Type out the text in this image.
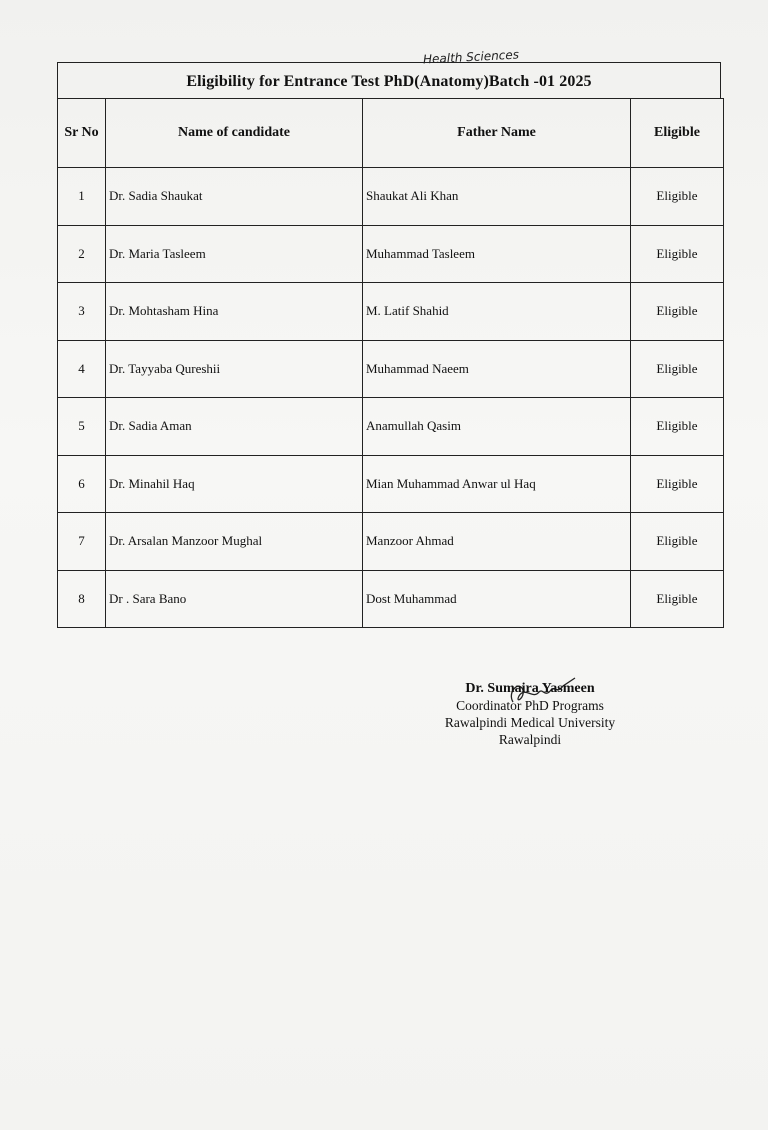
Health Sciences
Eligibility for Entrance Test PhD(Anatomy)Batch -01 2025
Sr No	Name of candidate	Father Name	Eligible
1	Dr. Sadia Shaukat	Shaukat Ali Khan	Eligible
2	Dr. Maria Tasleem	Muhammad Tasleem	Eligible
3	Dr. Mohtasham Hina	M. Latif Shahid	Eligible
4	Dr. Tayyaba Qureshii	Muhammad Naeem	Eligible
5	Dr. Sadia Aman	Anamullah Qasim	Eligible
6	Dr. Minahil Haq	Mian Muhammad Anwar ul Haq	Eligible
7	Dr. Arsalan Manzoor Mughal	Manzoor Ahmad	Eligible
8	Dr . Sara Bano	Dost Muhammad	Eligible
Dr. Sumaira Yasmeen
Coordinator PhD Programs
Rawalpindi Medical University
Rawalpindi
